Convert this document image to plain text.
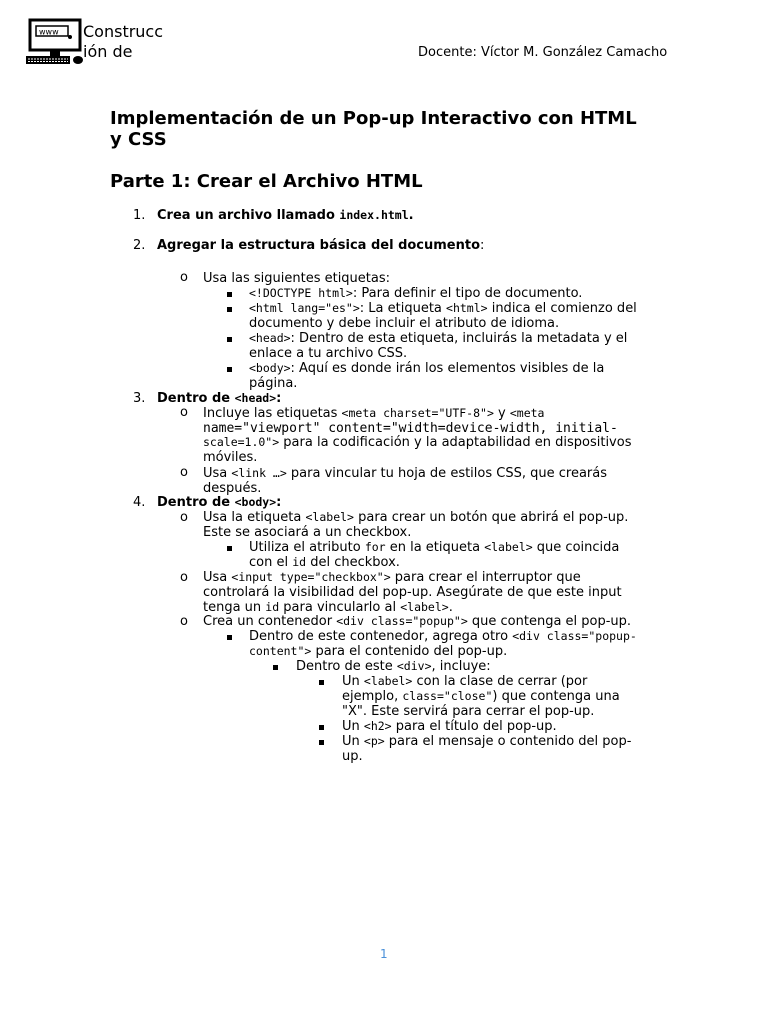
www Construcc
ión de	Docente: Víctor M. González Camacho
Implementación de un Pop-up Interactivo con HTML y CSS
Parte 1: Crear el Archivo HTML
1. Crea un archivo llamado index.html.
2. Agregar la estructura básica del documento:
o Usa las siguientes etiquetas:
<!DOCTYPE html>: Para definir el tipo de documento.
<html lang="es">: La etiqueta <html> indica el comienzo del
documento y debe incluir el atributo de idioma.
<head>: Dentro de esta etiqueta, incluirás la metadata y el
enlace a tu archivo CSS.
<body>: Aquí es donde irán los elementos visibles de la
página.
3. Dentro de <head>:
o Incluye las etiquetas <meta charset="UTF-8"> y <meta
name="viewport" content="width=device-width, initial-
scale=1.0"> para la codificación y la adaptabilidad en dispositivos
móviles.
o Usa <link …> para vincular tu hoja de estilos CSS, que crearás
después.
4. Dentro de <body>:
o Usa la etiqueta <label> para crear un botón que abrirá el pop-up.
Este se asociará a un checkbox.
Utiliza el atributo for en la etiqueta <label> que coincida
con el id del checkbox.
o Usa <input type="checkbox"> para crear el interruptor que
controlará la visibilidad del pop-up. Asegúrate de que este input
tenga un id para vincularlo al <label>.
o Crea un contenedor <div class="popup"> que contenga el pop-up.
Dentro de este contenedor, agrega otro <div class="popup-
content"> para el contenido del pop-up.
Dentro de este <div>, incluye:
Un <label> con la clase de cerrar (por
ejemplo, class="close") que contenga una
"X". Este servirá para cerrar el pop-up.
Un <h2> para el título del pop-up.
Un <p> para el mensaje o contenido del pop-
up.
1
